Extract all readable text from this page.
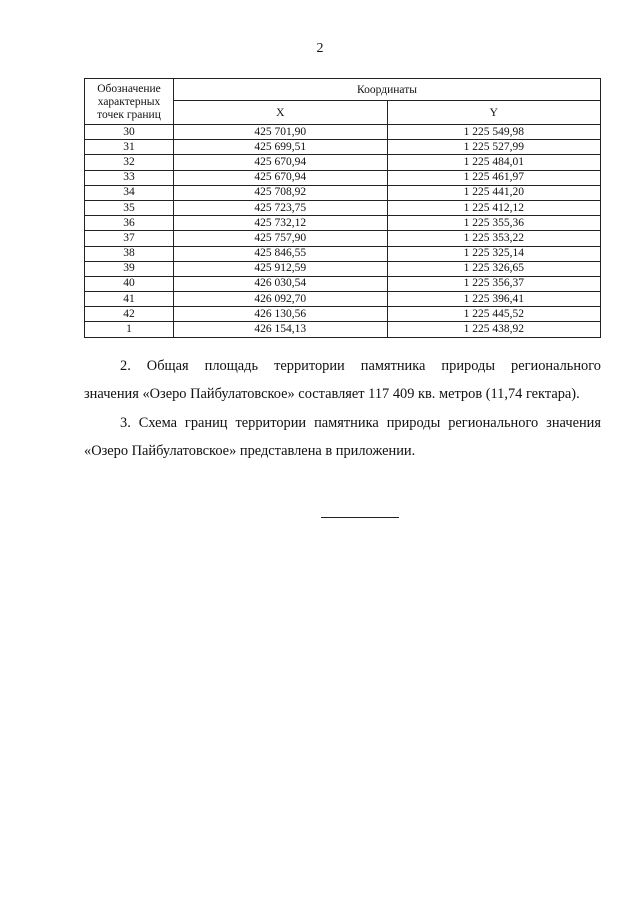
2
Обозначение характерных точек границ	Координаты	
	X	Y
30	425 701,90	1 225 549,98
31	425 699,51	1 225 527,99
32	425 670,94	1 225 484,01
33	425 670,94	1 225 461,97
34	425 708,92	1 225 441,20
35	425 723,75	1 225 412,12
36	425 732,12	1 225 355,36
37	425 757,90	1 225 353,22
38	425 846,55	1 225 325,14
39	425 912,59	1 225 326,65
40	426 030,54	1 225 356,37
41	426 092,70	1 225 396,41
42	426 130,56	1 225 445,52
1	426 154,13	1 225 438,92
2. Общая площадь территории памятника природы регионального
значения «Озеро Пайбулатовское» составляет 117 409 кв. метров (11,74 гектара).
3. Схема границ территории памятника природы регионального значения
«Озеро Пайбулатовское» представлена в приложении.
